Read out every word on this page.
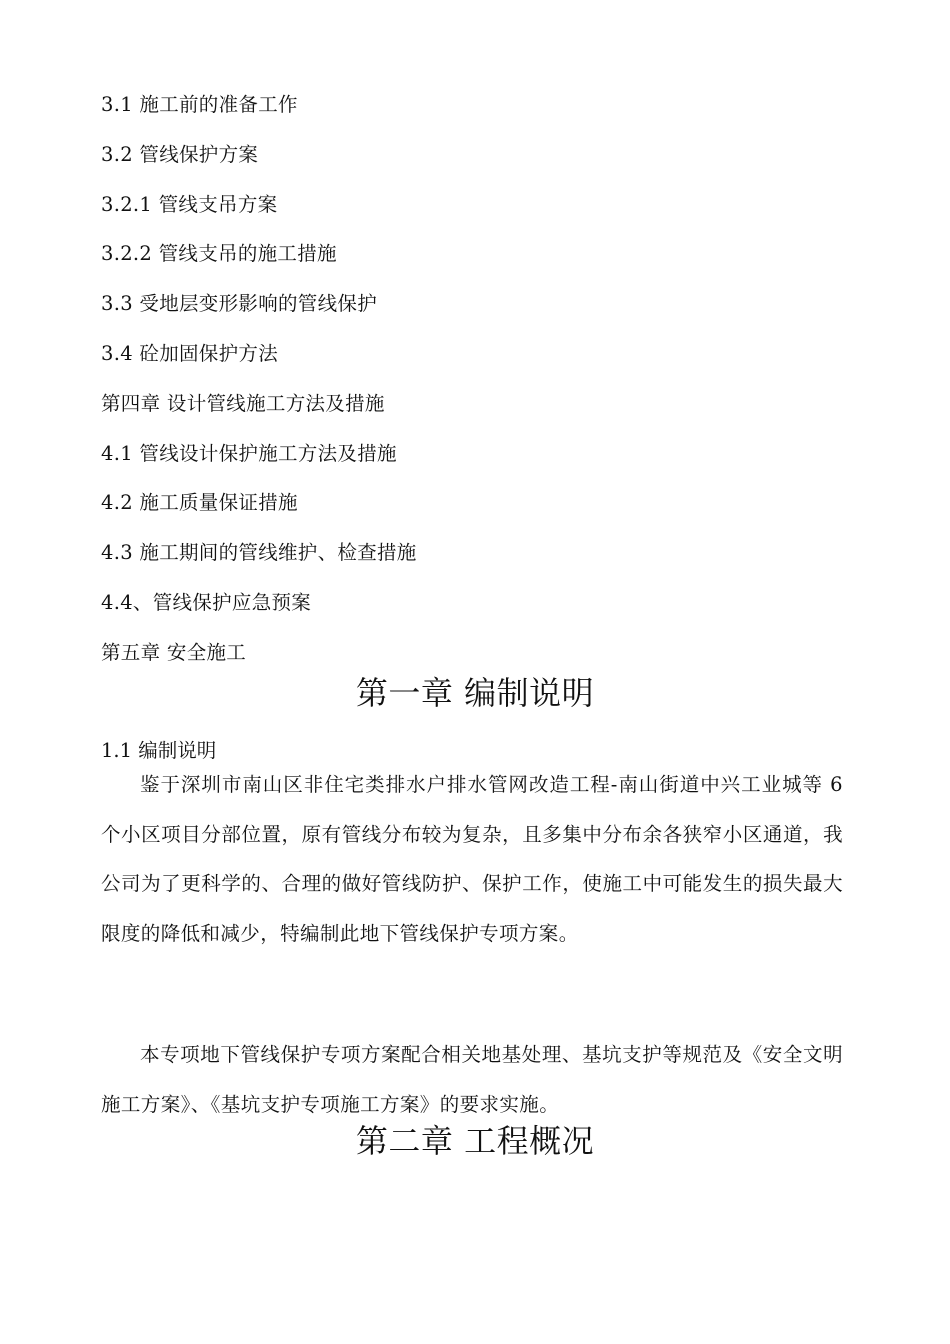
3.1 施工前的准备工作
3.2 管线保护方案
3.2.1 管线支吊方案
3.2.2 管线支吊的施工措施
3.3 受地层变形影响的管线保护
3.4 砼加固保护方法
第四章 设计管线施工方法及措施
4.1 管线设计保护施工方法及措施
4.2 施工质量保证措施
4.3 施工期间的管线维护、检查措施
4.4、管线保护应急预案
第五章 安全施工
第一章 编制说明
1.1 编制说明

鉴于深圳市南山区非住宅类排水户排水管网改造工程-南山街道中兴工业城等 6 个小区项目分部位置，原有管线分布较为复杂，且多集中分布余各狭窄小区通道，我公司为了更科学的、合理的做好管线防护、保护工作，使施工中可能发生的损失最大限度的降低和减少，特编制此地下管线保护专项方案。

本专项地下管线保护专项方案配合相关地基处理、基坑支护等规范及《安全文明施工方案》、《基坑支护专项施工方案》的要求实施。

第二章 工程概况
